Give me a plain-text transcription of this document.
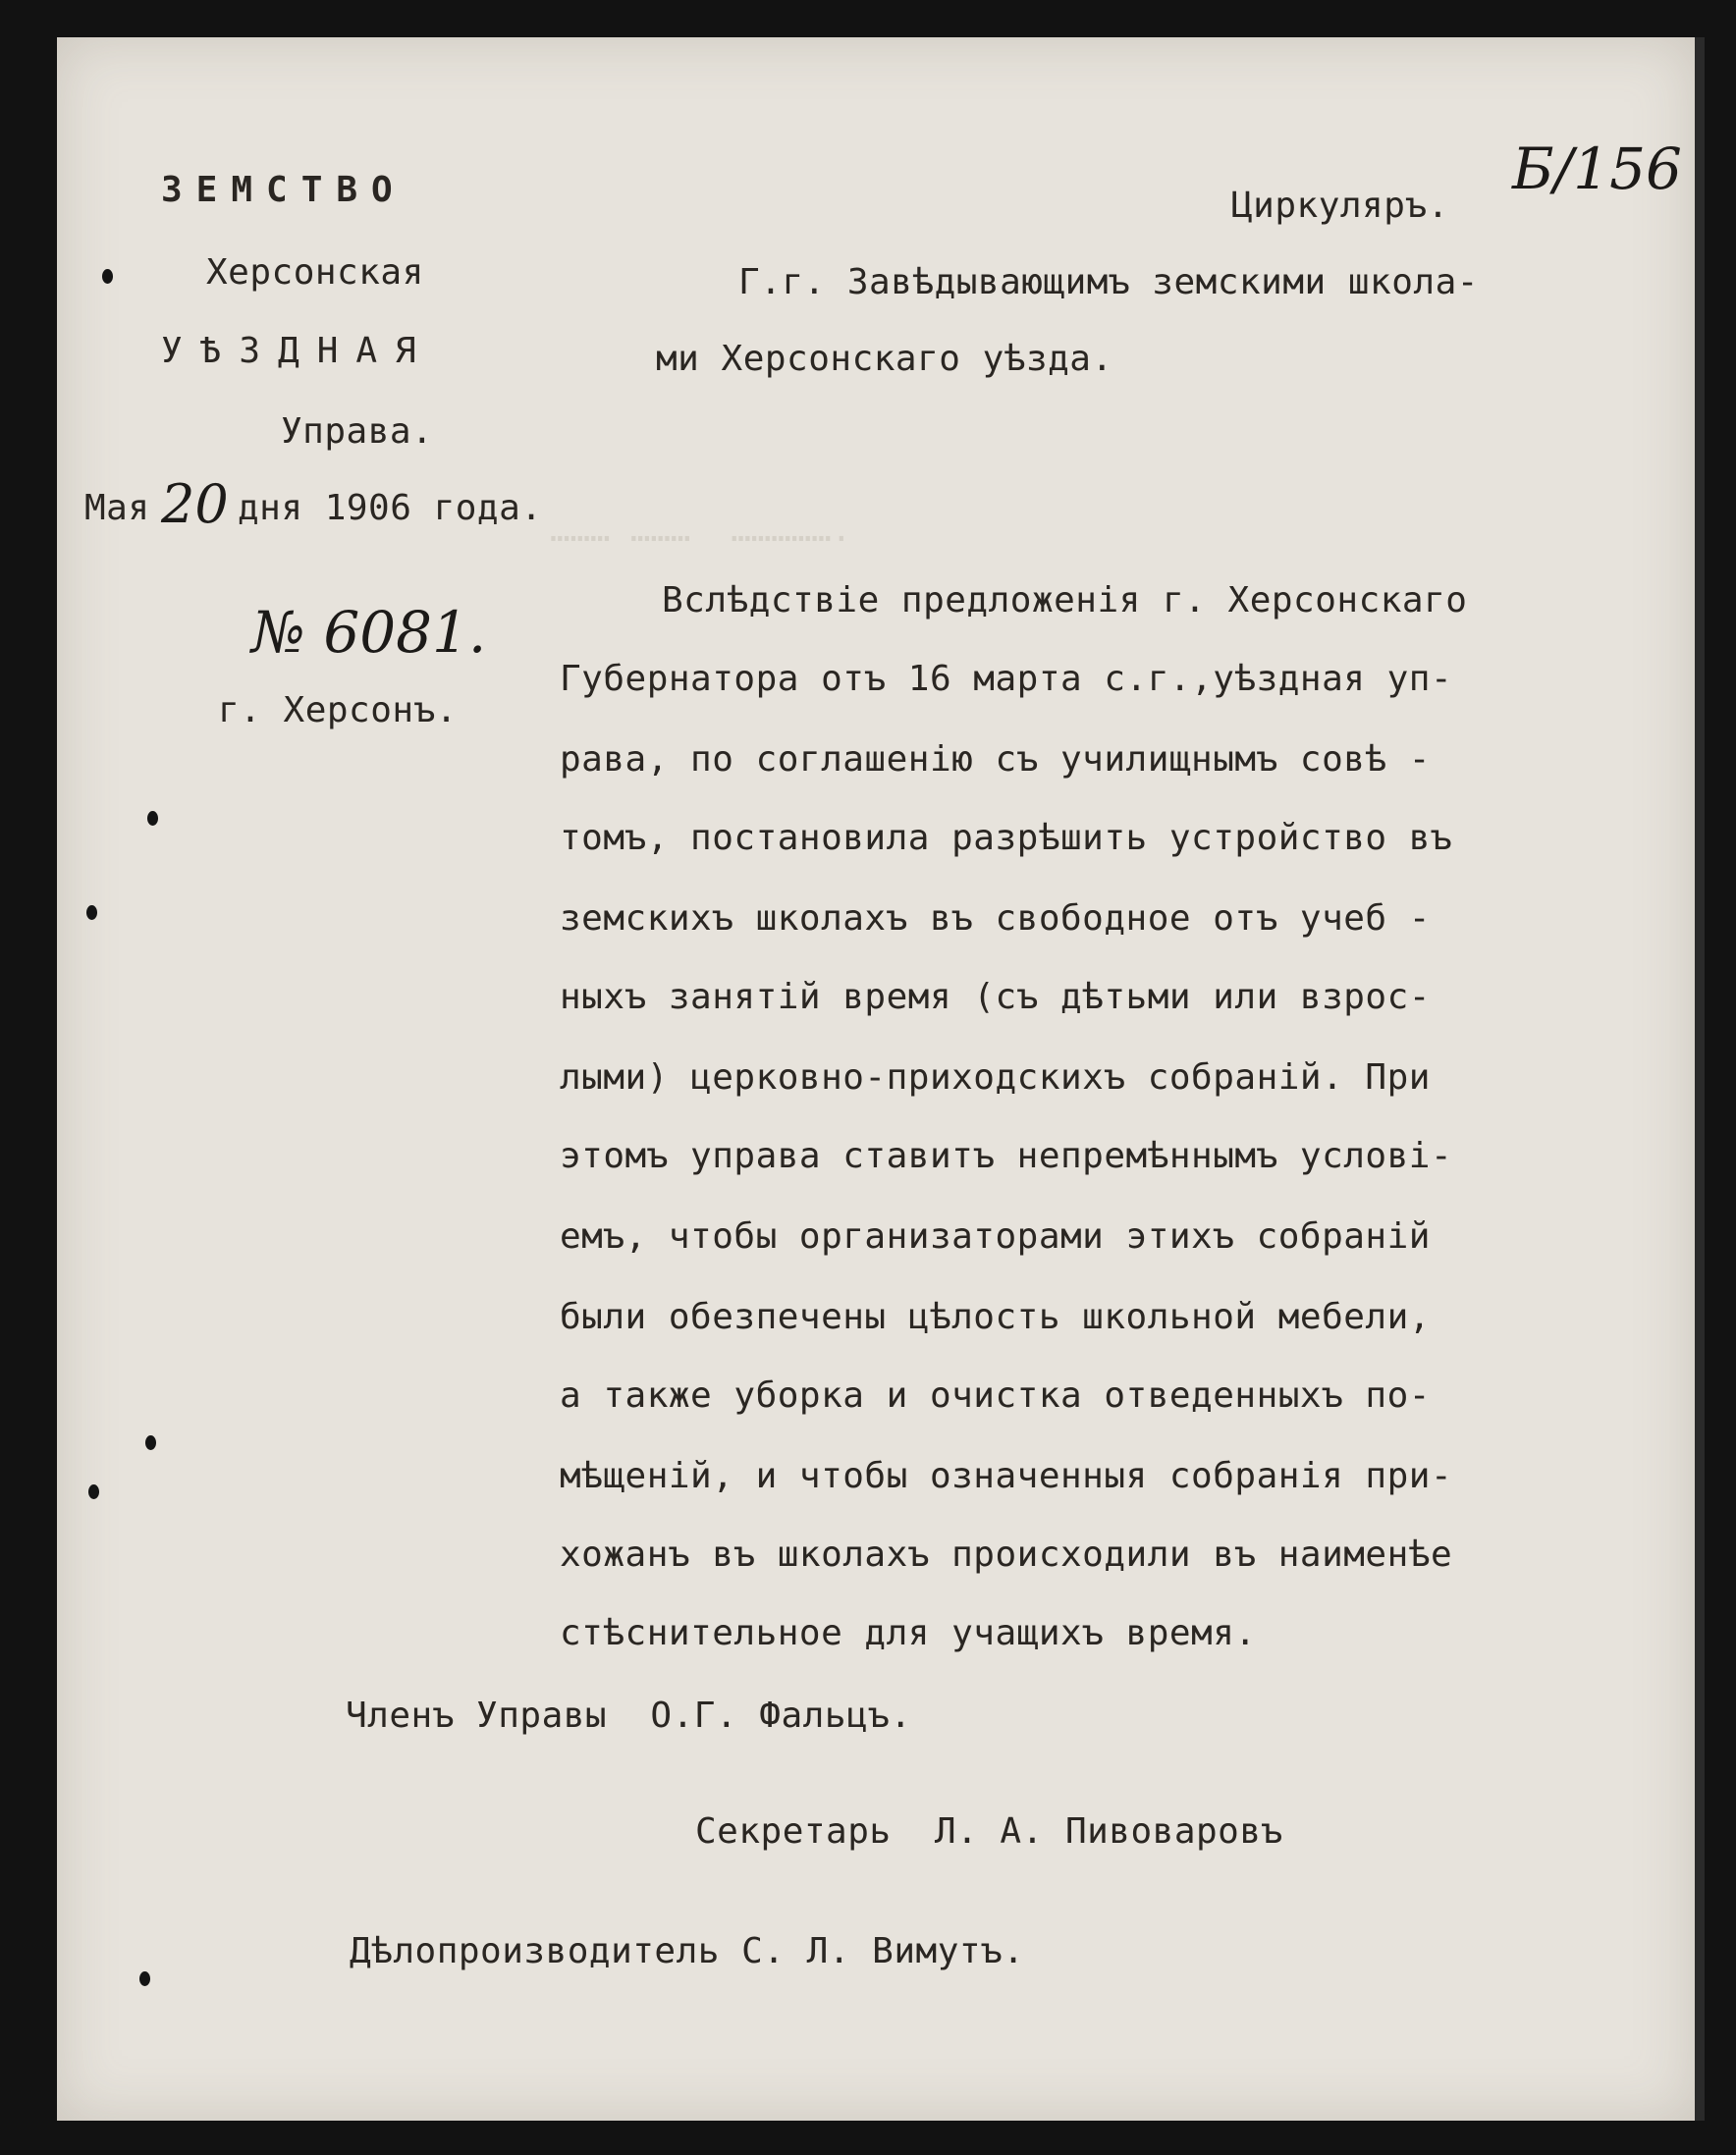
.……………  ……… ………
ЗЕМСТВО
Херсонская
УѢЗДНАЯ
Управа.
Мая 20 дня 1906 года.
№ 6081.
г. Херсонъ.
Циркуляръ.
Б/156
Г.г. Завѣдывающимъ земскими школа-
ми Херсонскаго уѣзда.
Вслѣдствіе предложенія г. Херсонскаго
Губернатора отъ 16 марта с.г.,уѣздная уп-
рава, по соглашенію съ училищнымъ совѣ -
томъ, постановила разрѣшить устройство въ
земскихъ школахъ въ свободное отъ учеб -
ныхъ занятій время (съ дѣтьми или взрос-
лыми) церковно-приходскихъ собраній. При
этомъ управа ставитъ непремѣннымъ услові-
емъ, чтобы организаторами этихъ собраній
были обезпечены цѣлость школьной мебели,
а также уборка и очистка отведенныхъ по-
мѣщеній, и чтобы означенныя собранія при-
хожанъ въ школахъ происходили въ наименѣе
стѣснительное для учащихъ время.
Членъ Управы  О.Г. Фальцъ.
Секретарь  Л. А. Пивоваровъ
Дѣлопроизводитель С. Л. Вимутъ.
